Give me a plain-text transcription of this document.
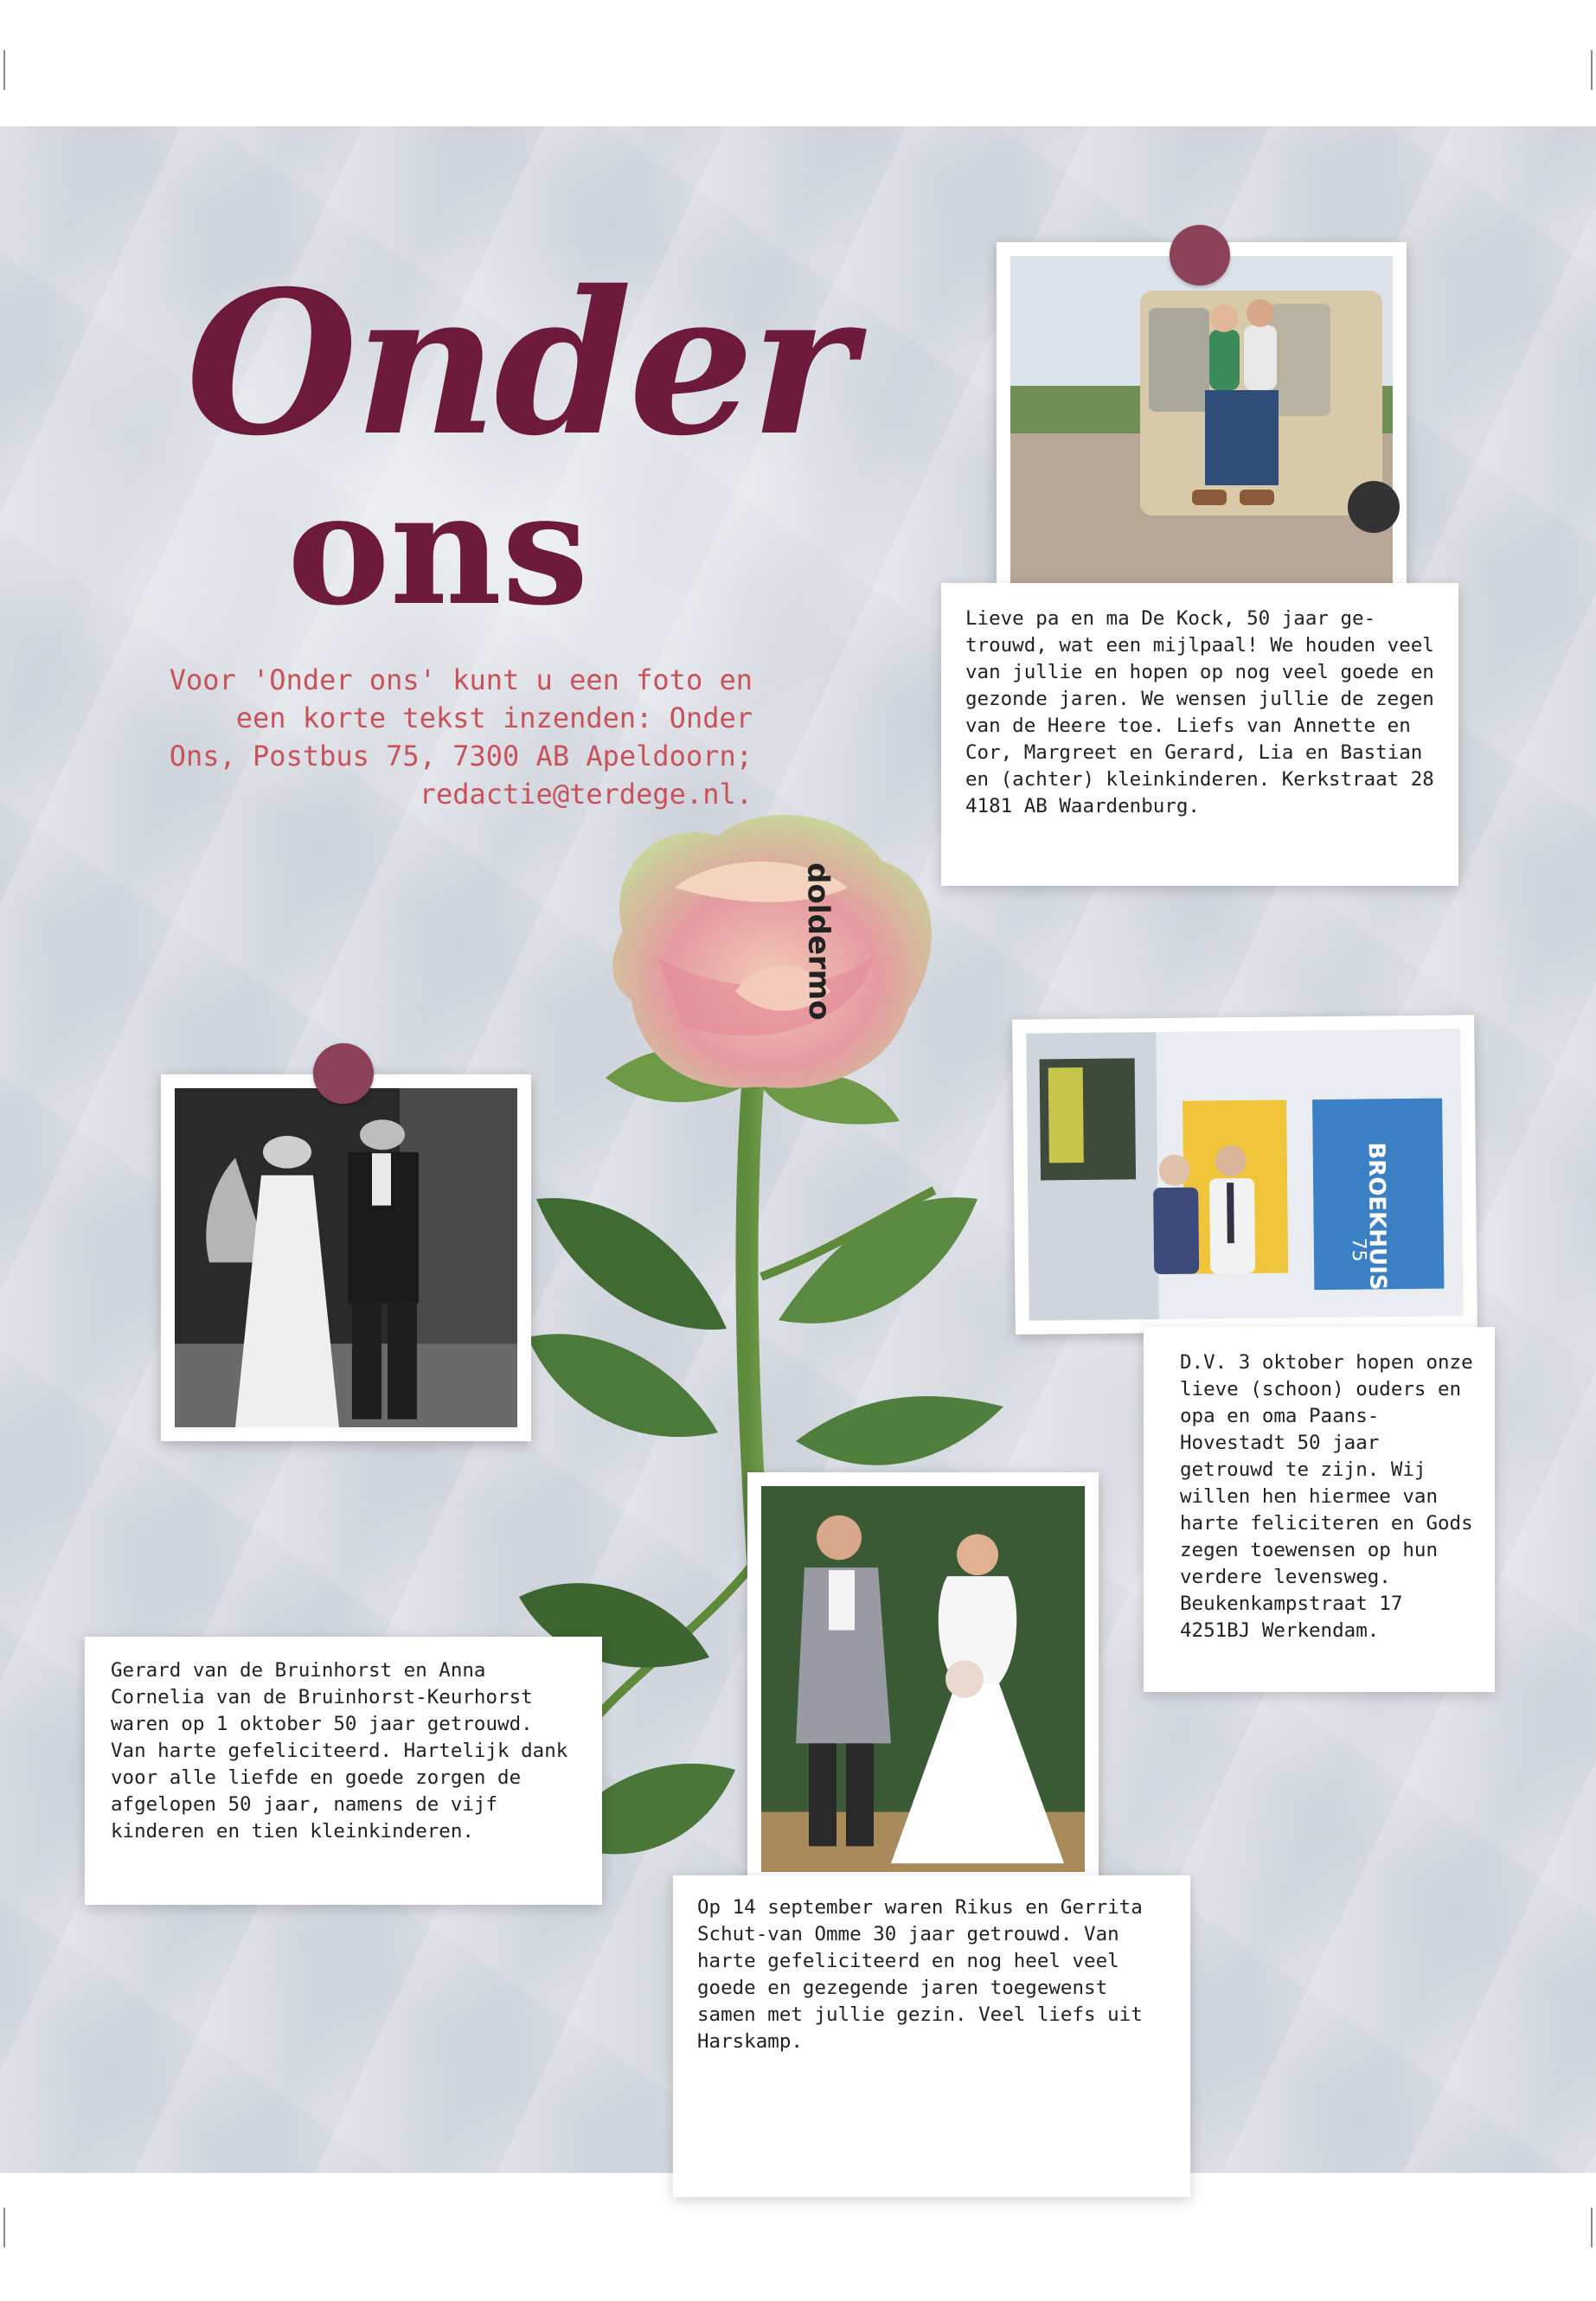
Onder
ons

Voor 'Onder ons' kunt u een foto en een korte tekst inzenden: Onder Ons, Postbus 75, 7300 AB Apeldoorn; redactie@terdege.nl.

Lieve pa en ma De Kock, 50 jaar ge-trouwd, wat een mijlpaal! We houden veel van jullie en hopen op nog veel goede en gezonde jaren. We wensen jullie de zegen van de Heere toe. Liefs van Annette en Cor, Margreet en Gerard, Lia en Bastian en (achter) kleinkinderen. Kerkstraat 28 4181 AB Waardenburg.

Gerard van de Bruinhorst en Anna Cornelia van de Bruinhorst-Keurhorst waren op 1 oktober 50 jaar getrouwd. Van harte gefeliciteerd. Hartelijk dank voor alle liefde en goede zorgen de afgelopen 50 jaar, namens de vijf kinderen en tien kleinkinderen.

doldermo
BROEKHUIS
75

D.V. 3 oktober hopen onze lieve (schoon) ouders en opa en oma Paans-Hovestadt 50 jaar getrouwd te zijn. Wij willen hen hiermee van harte feliciteren en Gods zegen toewensen op hun verdere levensweg. Beukenkampstraat 17 4251BJ Werkendam.

Op 14 september waren Rikus en Gerrita Schut-van Omme 30 jaar getrouwd. Van harte gefeliciteerd en nog heel veel goede en gezegende jaren toegewenst samen met jullie gezin. Veel liefs uit Harskamp.
